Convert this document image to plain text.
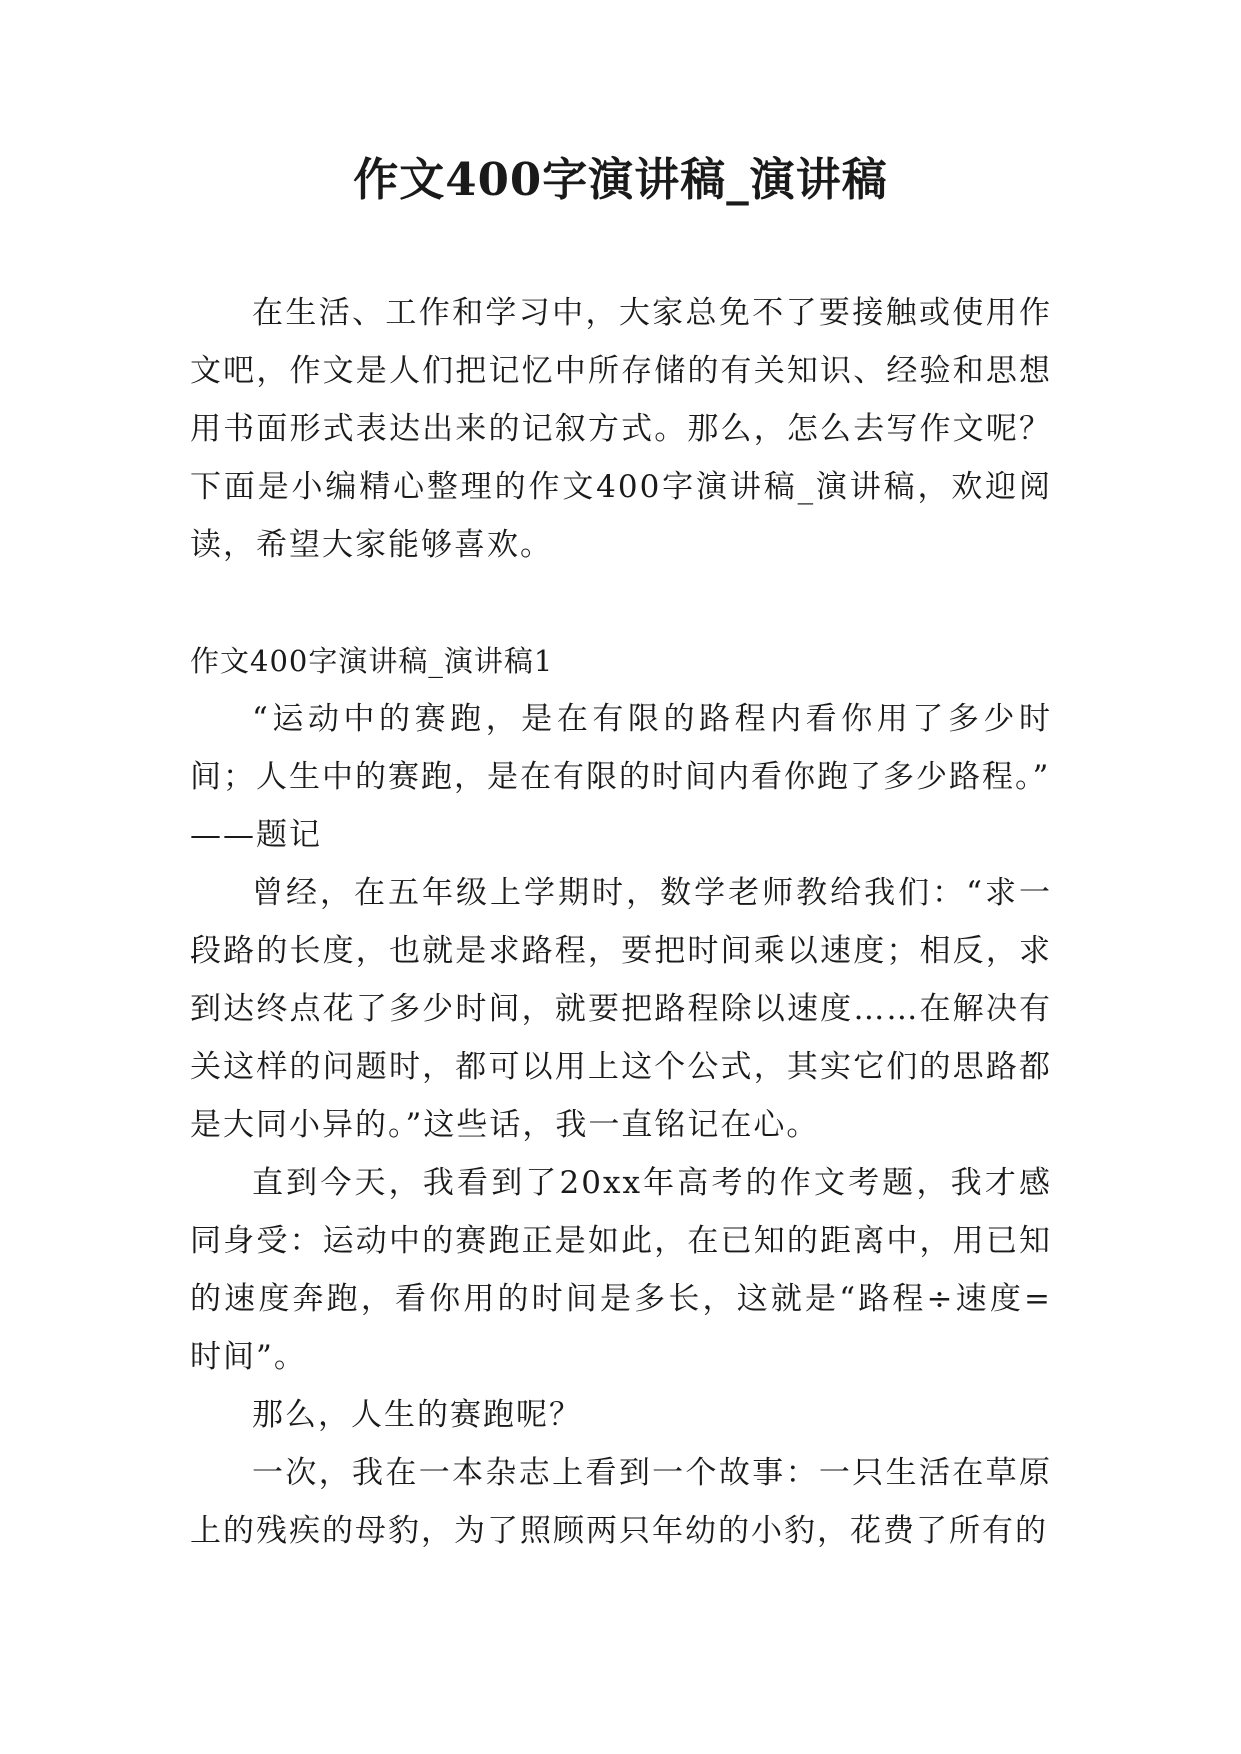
作文400字演讲稿_演讲稿

在生活、工作和学习中，大家总免不了要接触或使用作文吧，作文是人们把记忆中所存储的有关知识、经验和思想用书面形式表达出来的记叙方式。那么，怎么去写作文呢？下面是小编精心整理的作文400字演讲稿_演讲稿，欢迎阅读，希望大家能够喜欢。

作文400字演讲稿_演讲稿1

“运动中的赛跑，是在有限的路程内看你用了多少时间；人生中的赛跑，是在有限的时间内看你跑了多少路程。”

——题记

曾经，在五年级上学期时，数学老师教给我们：“求一段路的长度，也就是求路程，要把时间乘以速度；相反，求到达终点花了多少时间，就要把路程除以速度……在解决有关这样的问题时，都可以用上这个公式，其实它们的思路都是大同小异的。”这些话，我一直铭记在心。

直到今天，我看到了20xx年高考的作文考题，我才感同身受：运动中的赛跑正是如此，在已知的距离中，用已知的速度奔跑，看你用的时间是多长，这就是“路程÷速度=时间”。

那么，人生的赛跑呢？

一次，我在一本杂志上看到一个故事：一只生活在草原上的残疾的母豹，为了照顾两只年幼的小豹，花费了所有的
